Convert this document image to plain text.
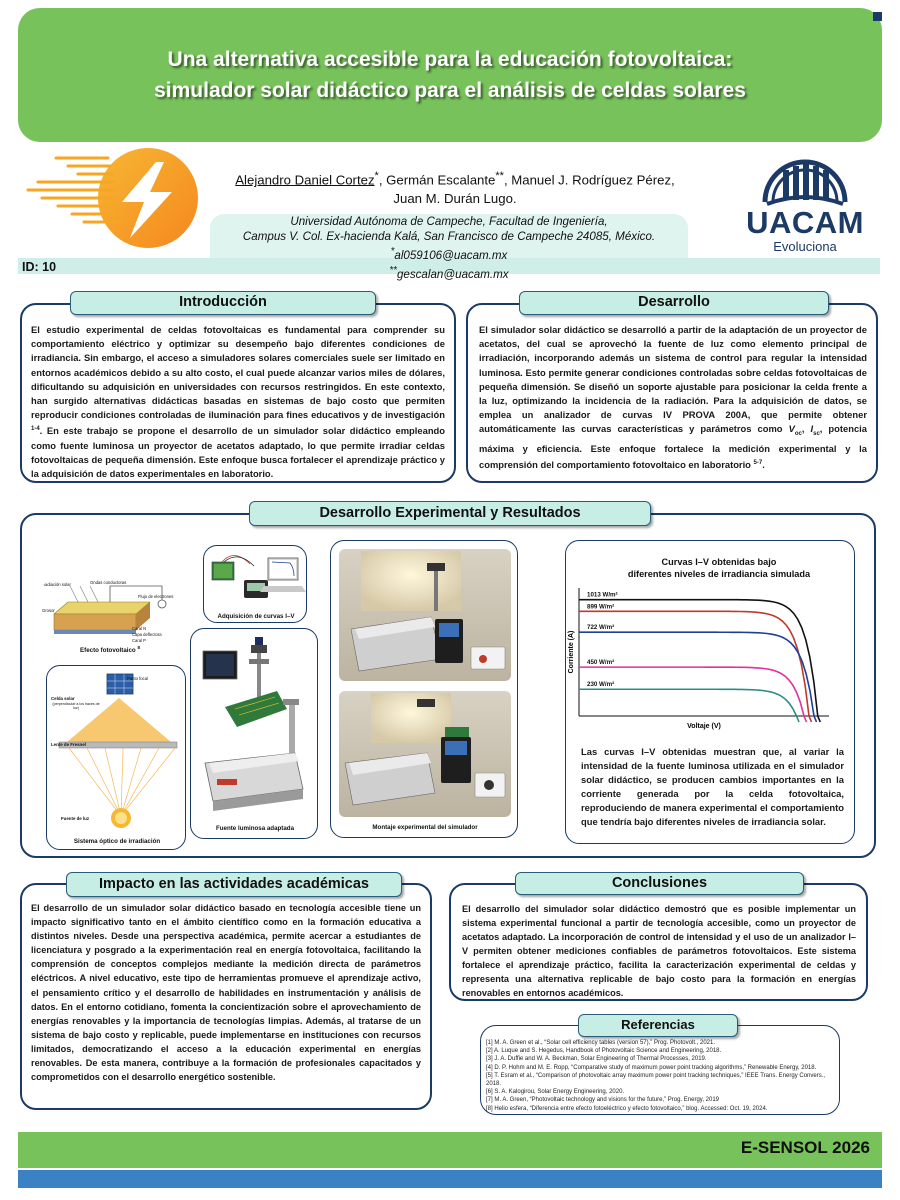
Una alternativa accesible para la educación fotovoltaica:
simulador solar didáctico para el análisis de celdas solares
Alejandro Daniel Cortez*, Germán Escalante**, Manuel J. Rodríguez Pérez,
Juan M. Durán Lugo.
Universidad Autónoma de Campeche, Facultad de Ingeniería,
Campus V. Col. Ex-hacienda Kalá, San Francisco de Campeche 24085, México.
*al059106@uacam.mx
**gescalan@uacam.mx
ID: 10
UACAM
Evoluciona
Introducción
El estudio experimental de celdas fotovoltaicas es fundamental para comprender su comportamiento eléctrico y optimizar su desempeño bajo diferentes condiciones de irradiancia. Sin embargo, el acceso a simuladores solares comerciales suele ser limitado en entornos académicos debido a su alto costo, el cual puede alcanzar varios miles de dólares, dificultando su adquisición en universidades con recursos restringidos. En este contexto, han surgido alternativas didácticas basadas en sistemas de bajo costo que permiten reproducir condiciones controladas de iluminación para fines educativos y de investigación $^{1-4}$. En este trabajo se propone el desarrollo de un simulador solar didáctico empleando como fuente luminosa un proyector de acetatos adaptado, lo que permite irradiar celdas fotovoltaicas de pequeña dimensión. Este enfoque busca fortalecer el aprendizaje práctico y la adquisición de datos experimentales en laboratorio.
Desarrollo
El simulador solar didáctico se desarrolló a partir de la adaptación de un proyector de acetatos, del cual se aprovechó la fuente de luz como elemento principal de irradiación, incorporando además un sistema de control para regular la intensidad luminosa. Esto permite generar condiciones controladas sobre celdas fotovoltaicas de pequeña dimensión. Se diseñó un soporte ajustable para posicionar la celda frente a la luz, optimizando la incidencia de la radiación. Para la adquisición de datos, se emplea un analizador de curvas IV PROVA 200A, que permite obtener automáticamente las curvas características y parámetros como $V_{oc}$, $I_{sc}$, potencia máxima y eficiencia. Este enfoque fortalece la medición experimental y la comprensión del comportamiento fotovoltaico en laboratorio $^{5-7}$.
Desarrollo Experimental y Resultados
Radiación solar	Ondas conductoras
Flujo de electrones
Grosor
Caral N
Capa deflectora
Caral P
Efecto fotovoltaico $^8$
Punto focal
Celda solar
(perpendicular a los haces de luz)
Lente de Fresnel
Fuente de luz
Sistema óptico de irradiación
Adquisición de curvas I–V
Solar Cell
Fuente luminosa adaptada	Montaje experimental del simulador
Curvas I–V obtenidas bajo
diferentes niveles de irradiancia simulada
1013 W/m²
899 W/m²
722 W/m²
450 W/m²
230 W/m²
Voltaje (V)
Corriente (A)
Las curvas I–V obtenidas muestran que, al variar la intensidad de la fuente luminosa utilizada en el simulador solar didáctico, se producen cambios importantes en la corriente generada por la celda fotovoltaica, reproduciendo de manera experimental el comportamiento que tendría bajo diferentes niveles de irradiancia solar.
Impacto en las actividades académicas
El desarrollo de un simulador solar didáctico basado en tecnología accesible tiene un impacto significativo tanto en el ámbito científico como en la formación educativa a distintos niveles. Desde una perspectiva académica, permite acercar a estudiantes de licenciatura y posgrado a la experimentación real en energía fotovoltaica, facilitando la comprensión de conceptos complejos mediante la medición directa de parámetros eléctricos. A nivel educativo, este tipo de herramientas promueve el aprendizaje activo, el pensamiento crítico y el desarrollo de habilidades en instrumentación y análisis de datos. En el entorno cotidiano, fomenta la concientización sobre el aprovechamiento de energías renovables y la importancia de tecnologías limpias. Además, al tratarse de un sistema de bajo costo y replicable, puede implementarse en instituciones con recursos limitados, democratizando el acceso a la educación experimental en energías renovables. De esta manera, contribuye a la formación de profesionales capacitados y comprometidos con el desarrollo energético sostenible.
Conclusiones
El desarrollo del simulador solar didáctico demostró que es posible implementar un sistema experimental funcional a partir de tecnología accesible, como un proyector de acetatos adaptado. La incorporación de control de intensidad y el uso de un analizador I–V permiten obtener mediciones confiables de parámetros fotovoltaicos. Este sistema fortalece el aprendizaje práctico, facilita la caracterización experimental de celdas y representa una alternativa replicable de bajo costo para la formación en energías renovables en entornos académicos.
Referencias
[1] M. A. Green et al., “Solar cell efficiency tables (version 57),” Prog. Photovolt., 2021.
[2] A. Luque and S. Hegedus, Handbook of Photovoltaic Science and Engineering, 2018.
[3] J. A. Duffie and W. A. Beckman, Solar Engineering of Thermal Processes, 2019.
[4] D. P. Hohm and M. E. Ropp, “Comparative study of maximum power point tracking algorithms,” Renewable Energy, 2018.
[5] T. Esram et al., “Comparison of photovoltaic array maximum power point tracking techniques,” IEEE Trans. Energy Convers., 2018.
[6] S. A. Kalogirou, Solar Energy Engineering, 2020.
[7] M. A. Green, “Photovoltaic technology and visions for the future,” Prog. Energy, 2019
[8] Helio esfera, “Diferencia entre efecto fotoeléctrico y efecto fotovoltaico,” blog. Accessed: Oct. 19, 2024.
E-SENSOL 2026
